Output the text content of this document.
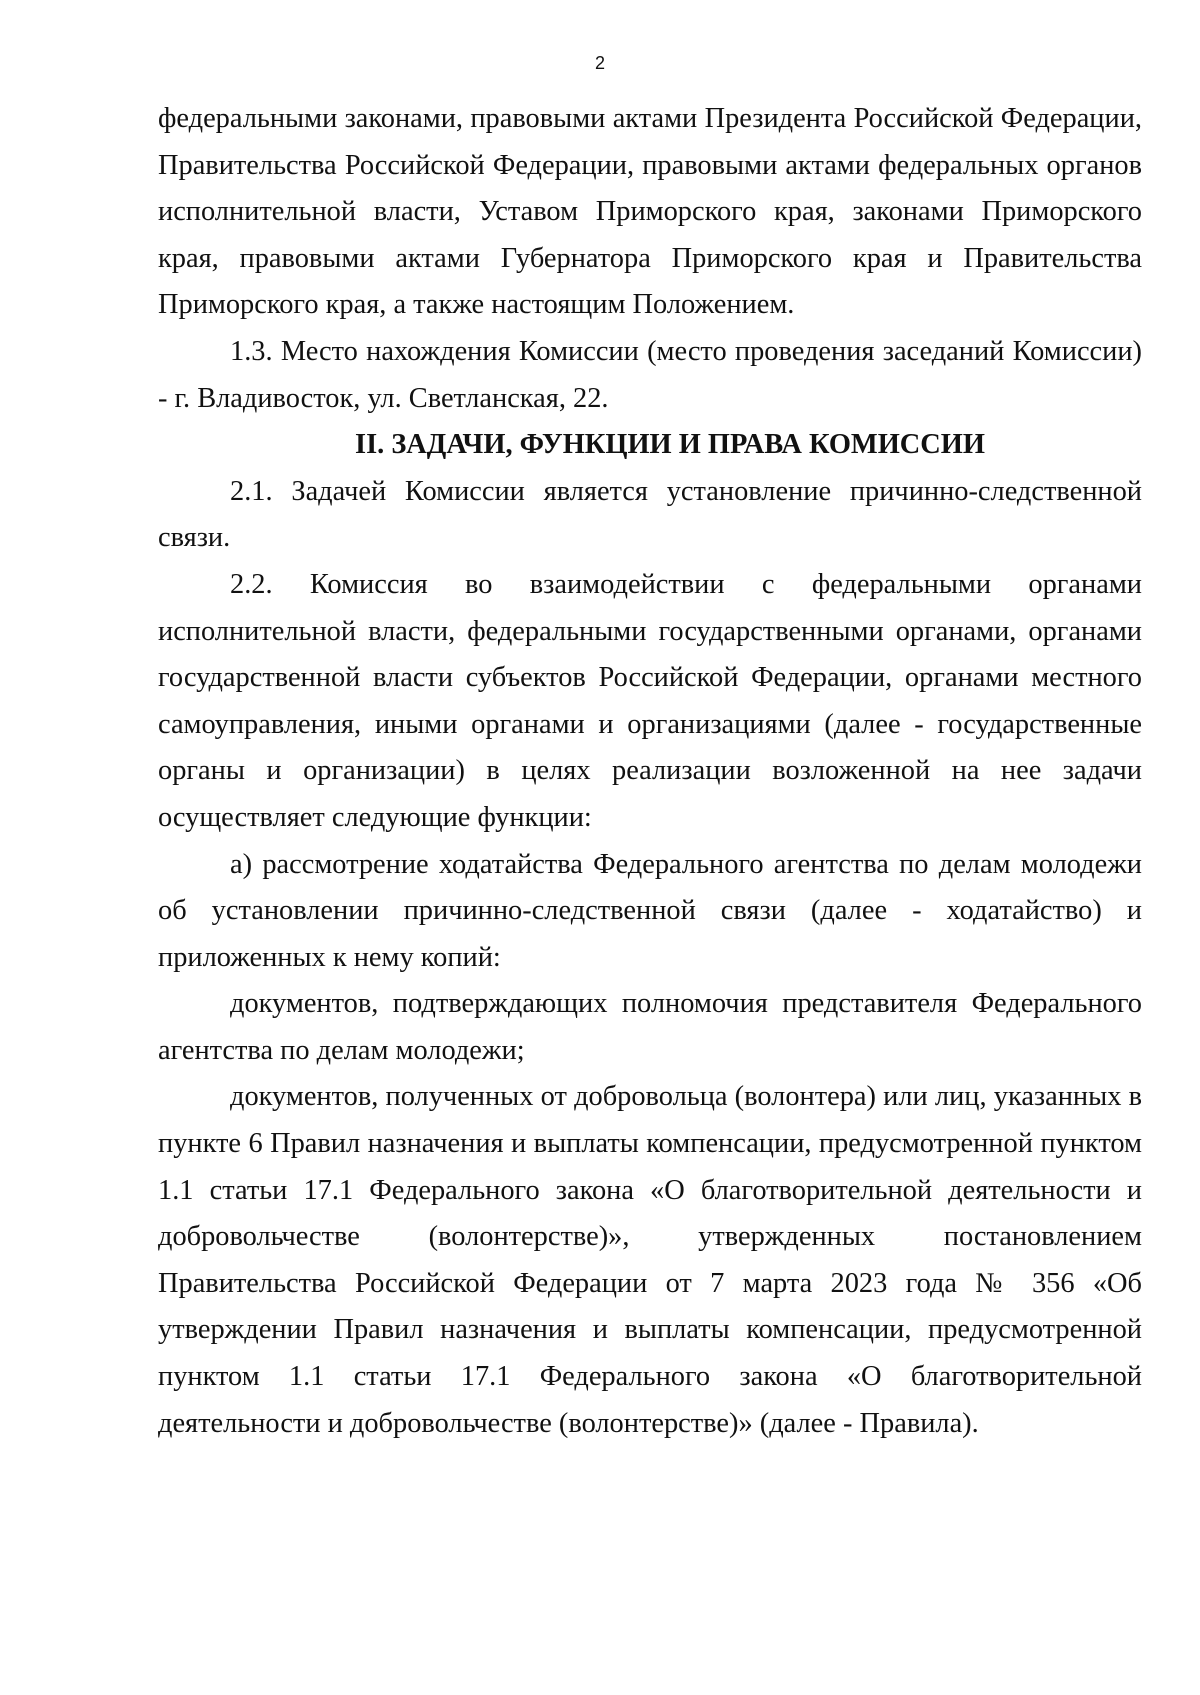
2

федеральными законами, правовыми актами Президента Российской Федерации, Правительства Российской Федерации, правовыми актами федеральных органов исполнительной власти, Уставом Приморского края, законами Приморского края, правовыми актами Губернатора Приморского края и Правительства Приморского края, а также настоящим Положением.

1.3. Место нахождения Комиссии (место проведения заседаний Комиссии) - г. Владивосток, ул. Светланская, 22.

II. ЗАДАЧИ, ФУНКЦИИ И ПРАВА КОМИССИИ

2.1. Задачей Комиссии является установление причинно-следственной связи.

2.2. Комиссия во взаимодействии с федеральными органами исполнительной власти, федеральными государственными органами, органами государственной власти субъектов Российской Федерации, органами местного самоуправления, иными органами и организациями (далее - государственные органы и организации) в целях реализации возложенной на нее задачи осуществляет следующие функции:

а) рассмотрение ходатайства Федерального агентства по делам молодежи об установлении причинно-следственной связи (далее - ходатайство) и приложенных к нему копий:

документов, подтверждающих полномочия представителя Федерального агентства по делам молодежи;

документов, полученных от добровольца (волонтера) или лиц, указанных в пункте 6 Правил назначения и выплаты компенсации, предусмотренной пунктом 1.1 статьи 17.1 Федерального закона «О благотворительной деятельности и добровольчестве (волонтерстве)», утвержденных постановлением Правительства Российской Федерации от 7 марта 2023 года № 356 «Об утверждении Правил назначения и выплаты компенсации, предусмотренной пунктом 1.1 статьи 17.1 Федерального закона «О благотворительной деятельности и добровольчестве (волонтерстве)» (далее - Правила).
